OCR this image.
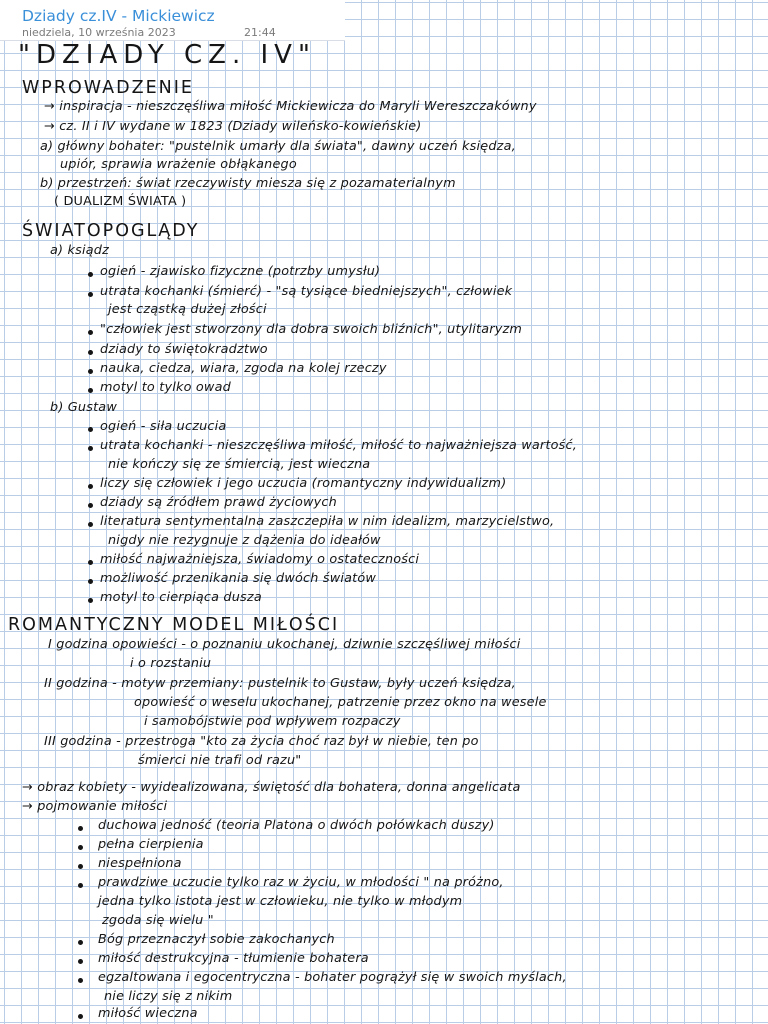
Dziady cz.IV - Mickiewicz
niedziela, 10 września 2023	21:44
"DZIADY CZ. IV"
WPROWADZENIE
→ inspiracja - nieszczęśliwa miłość Mickiewicza do Maryli Wereszczakówny
→ cz. II i IV wydane w 1823 (Dziady wileńsko-kowieńskie)
a) główny bohater: "pustelnik umarły dla świata", dawny uczeń księdza,
upiór, sprawia wrażenie obłąkanego
b) przestrzeń: świat rzeczywisty miesza się z pozamaterialnym
( DUALIZM ŚWIATA )
ŚWIATOPOGLĄDY
a) ksiądz
ogień - zjawisko fizyczne (potrzby umysłu)
utrata kochanki (śmierć) - "są tysiące biedniejszych", człowiek
jest cząstką dużej złości
"człowiek jest stworzony dla dobra swoich bliźnich", utylitaryzm
dziady to świętokradztwo
nauka, ciedza, wiara, zgoda na kolej rzeczy
motyl to tylko owad
b) Gustaw
ogień - siła uczucia
utrata kochanki - nieszczęśliwa miłość, miłość to najważniejsza wartość,
nie kończy się ze śmiercią, jest wieczna
liczy się człowiek i jego uczucia (romantyczny indywidualizm)
dziady są źródłem prawd życiowych
literatura sentymentalna zaszczepiła w nim idealizm, marzycielstwo,
nigdy nie rezygnuje z dążenia do ideałów
miłość najważniejsza, świadomy o ostateczności
możliwość przenikania się dwóch światów
motyl to cierpiąca dusza
ROMANTYCZNY MODEL MIŁOŚCI
I godzina opowieści - o poznaniu ukochanej, dziwnie szczęśliwej miłości
i o rozstaniu
II godzina - motyw przemiany: pustelnik to Gustaw, były uczeń księdza,
opowieść o weselu ukochanej, patrzenie przez okno na wesele
i samobójstwie pod wpływem rozpaczy
III godzina - przestroga "kto za życia choć raz był w niebie, ten po
śmierci nie trafi od razu"
→ obraz kobiety - wyidealizowana, świętość dla bohatera, donna angelicata
→ pojmowanie miłości
duchowa jedność (teoria Platona o dwóch połówkach duszy)
pełna cierpienia
niespełniona
prawdziwe uczucie tylko raz w życiu, w młodości " na próżno,
jedna tylko istota jest w człowieku, nie tylko w młodym
zgoda się wielu "
Bóg przeznaczył sobie zakochanych
miłość destrukcyjna - tłumienie bohatera
egzaltowana i egocentryczna - bohater pogrążył się w swoich myślach,
nie liczy się z nikim
miłość wieczna
